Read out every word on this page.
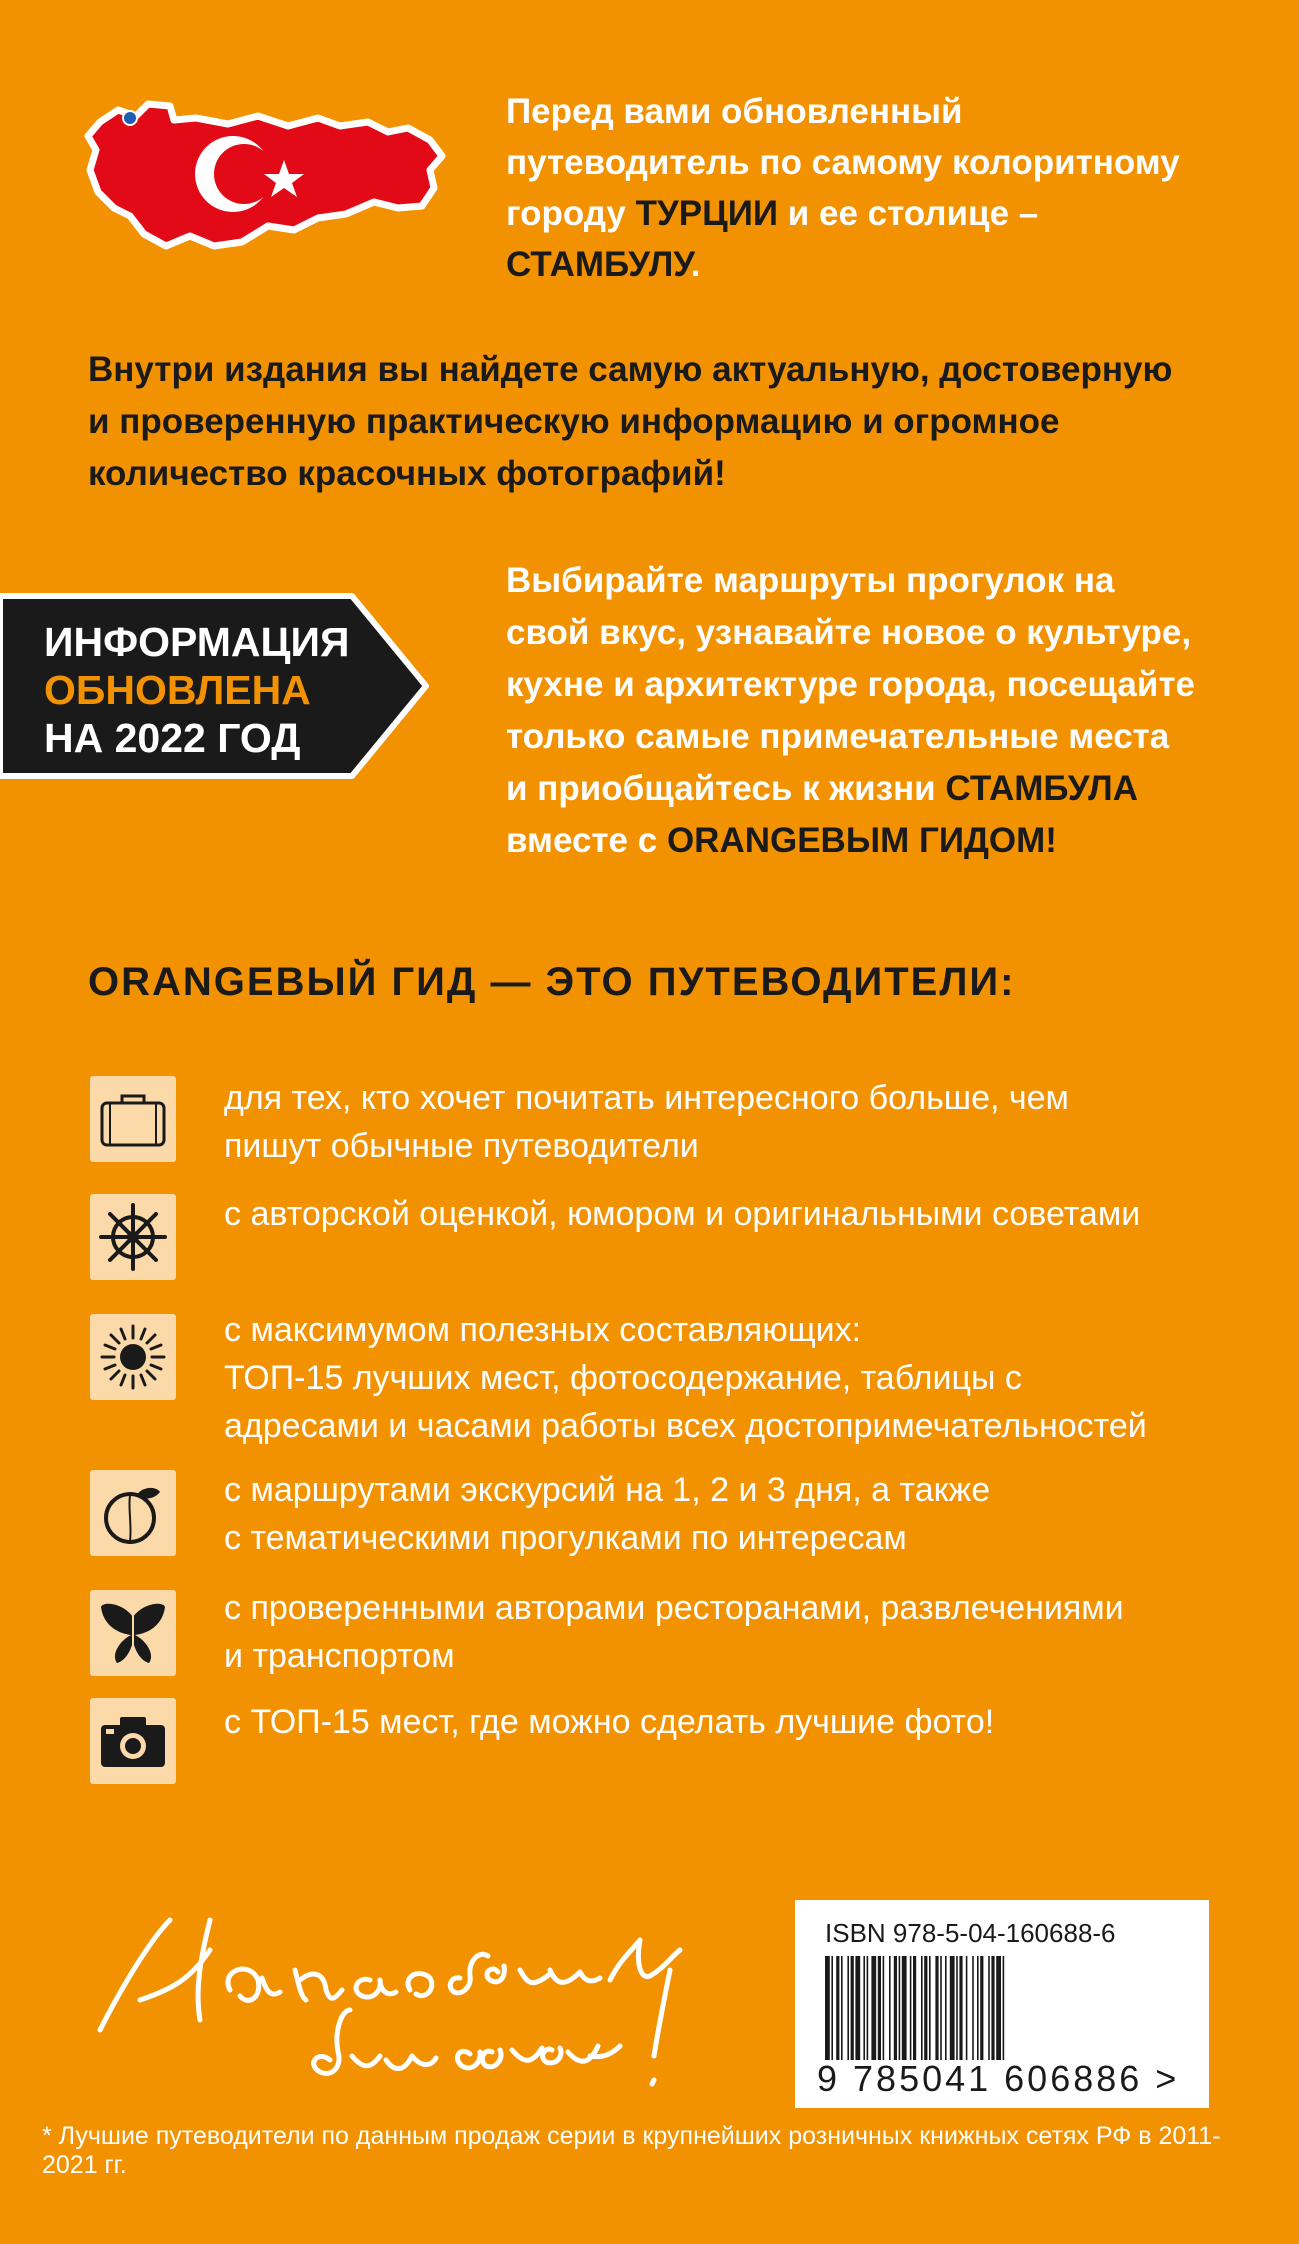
Перед вами обновленный
путеводитель по самому колоритному
городу ТУРЦИИ и ее столице –
СТАМБУЛУ.
Внутри издания вы найдете самую актуальную, достоверную
и проверенную практическую информацию и огромное
количество красочных фотографий!
ИНФОРМАЦИЯ
ОБНОВЛЕНА
НА 2022 ГОД
Выбирайте маршруты прогулок на
свой вкус, узнавайте новое о культуре,
кухне и архитектуре города, посещайте
только самые примечательные места
и приобщайтесь к жизни СТАМБУЛА
вместе с ORANGEВЫМ ГИДОМ!
ORANGEВЫЙ ГИД — ЭТО ПУТЕВОДИТЕЛИ:
для тех, кто хочет почитать интересного больше, чем
пишут обычные путеводители
с авторской оценкой, юмором и оригинальными советами
с максимумом полезных составляющих:
ТОП-15 лучших мест, фотосодержание, таблицы с
адресами и часами работы всех достопримечательностей
с маршрутами экскурсий на 1, 2 и 3 дня, а также
с тематическими прогулками по интересам
с проверенными авторами ресторанами, развлечениями
и транспортом
с ТОП-15 мест, где можно сделать лучшие фото!
ISBN 978-5-04-160688-6
9 785041 606886 >
* Лучшие путеводители по данным продаж серии в крупнейших розничных книжных сетях РФ в 2011-2021 гг.
